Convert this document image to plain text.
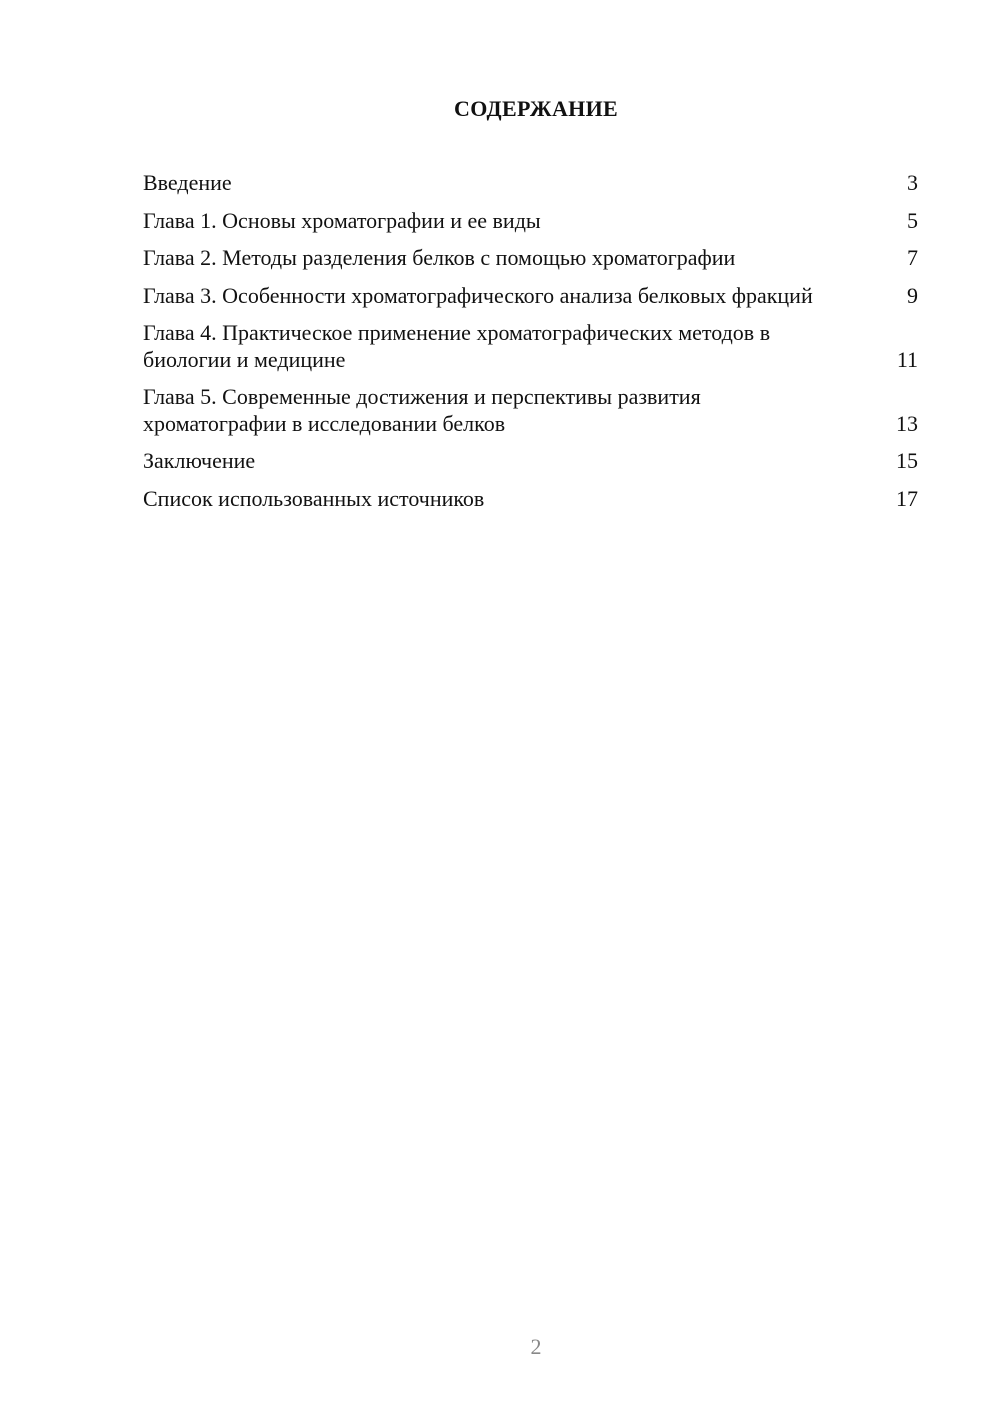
СОДЕРЖАНИЕ
Введение	3
Глава 1. Основы хроматографии и ее виды	5
Глава 2. Методы разделения белков с помощью хроматографии	7
Глава 3. Особенности хроматографического анализа белковых фракций	9
Глава 4. Практическое применение хроматографических методов в биологии и медицине	11
Глава 5. Современные достижения и перспективы развития хроматографии в исследовании белков	13
Заключение	15
Список использованных источников	17
2
